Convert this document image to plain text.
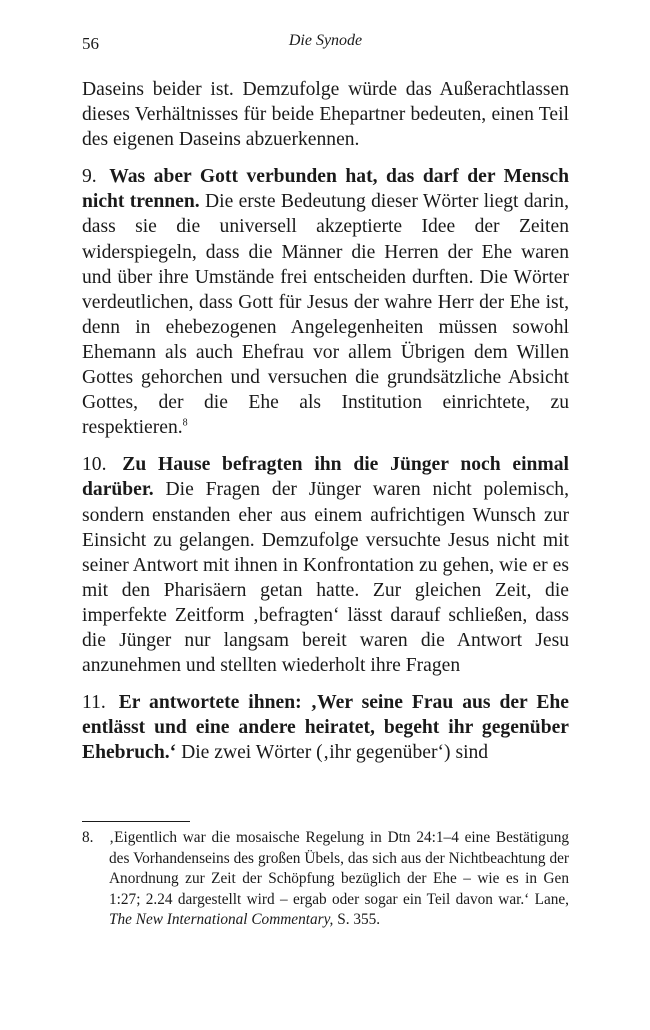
56	Die Synode

Daseins beider ist. Demzufolge würde das Außerachtlassen dieses Verhältnisses für beide Ehepartner bedeuten, einen Teil des eigenen Daseins abzuerkennen.

9. Was aber Gott verbunden hat, das darf der Mensch nicht trennen. Die erste Bedeutung dieser Wörter liegt darin, dass sie die universell akzeptierte Idee der Zeiten widerspiegeln, dass die Männer die Herren der Ehe waren und über ihre Umstände frei entscheiden durften. Die Wörter verdeutlichen, dass Gott für Jesus der wahre Herr der Ehe ist, denn in ehebezogenen Angelegenheiten müssen sowohl Ehemann als auch Ehefrau vor allem Übrigen dem Willen Gottes gehorchen und versuchen die grundsätzliche Absicht Gottes, der die Ehe als Institution einrichtete, zu respektieren.$^8$

10. Zu Hause befragten ihn die Jünger noch einmal darüber. Die Fragen der Jünger waren nicht polemisch, sondern enstanden eher aus einem aufrichtigen Wunsch zur Einsicht zu gelangen. Demzufolge versuchte Jesus nicht mit seiner Antwort mit ihnen in Konfrontation zu gehen, wie er es mit den Pharisäern getan hatte. Zur gleichen Zeit, die imperfekte Zeitform ‚befragten‘ lässt darauf schließen, dass die Jünger nur langsam bereit waren die Antwort Jesu anzunehmen und stellten wiederholt ihre Fragen

11. Er antwortete ihnen: ‚Wer seine Frau aus der Ehe entlässt und eine andere heiratet, begeht ihr gegenüber Ehebruch.‘ Die zwei Wörter (‚ihr gegenüber‘) sind

8.	‚Eigentlich war die mosaische Regelung in Dtn 24:1–4 eine Bestätigung des Vorhandenseins des großen Übels, das sich aus der Nichtbeachtung der Anordnung zur Zeit der Schöpfung bezüglich der Ehe – wie es in Gen 1:27; 2.24 dargestellt wird – ergab oder sogar ein Teil davon war.‘ Lane, The New International Commentary, S. 355.
